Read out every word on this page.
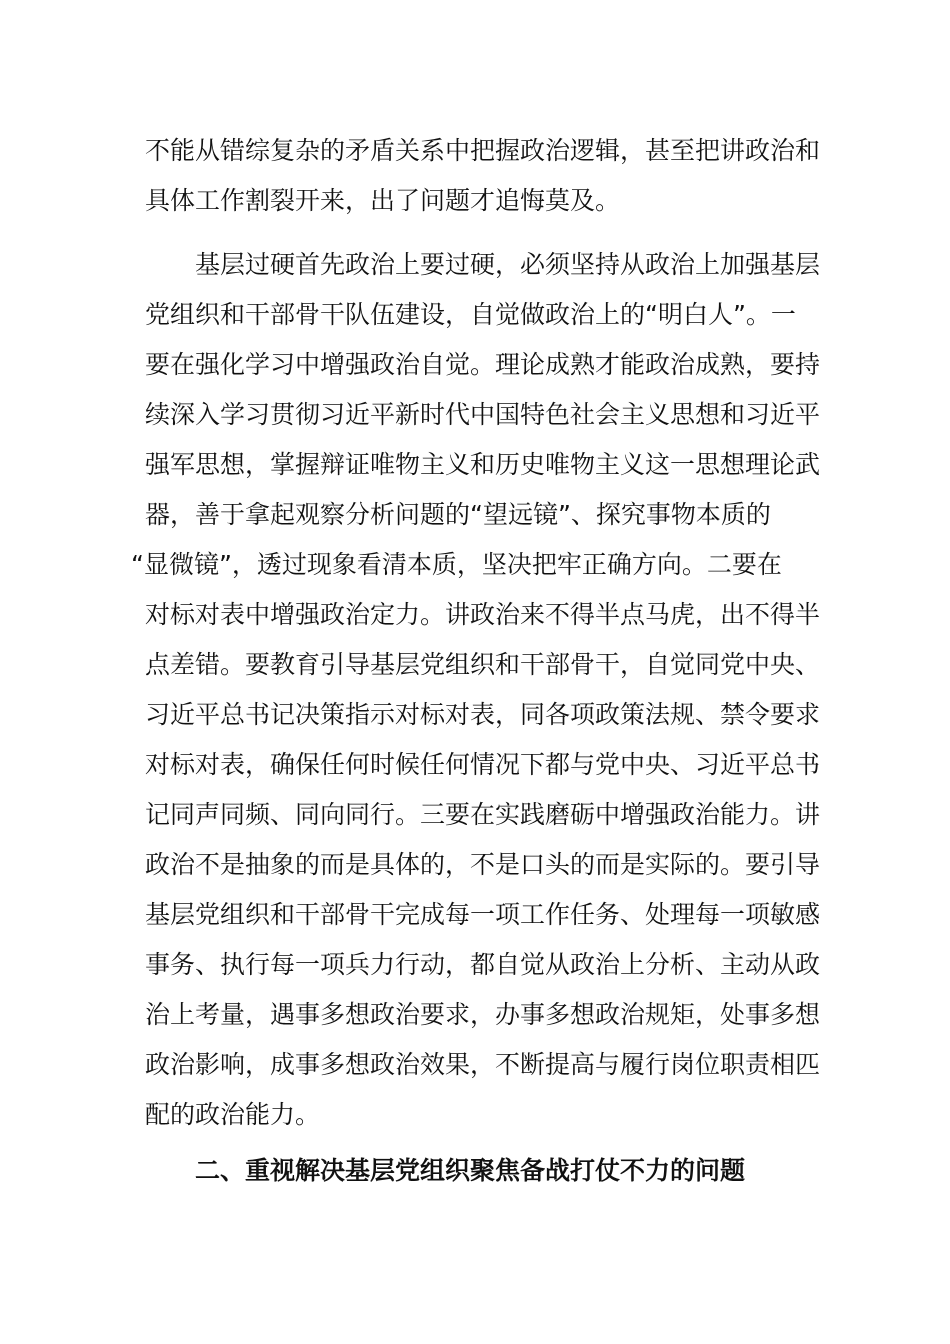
不能从错综复杂的矛盾关系中把握政治逻辑，甚至把讲政治和
具体工作割裂开来，出了问题才追悔莫及。
基层过硬首先政治上要过硬，必须坚持从政治上加强基层
党组织和干部骨干队伍建设，自觉做政治上的“明白人”。一
要在强化学习中增强政治自觉。理论成熟才能政治成熟，要持
续深入学习贯彻习近平新时代中国特色社会主义思想和习近平
强军思想，掌握辩证唯物主义和历史唯物主义这一思想理论武
器，善于拿起观察分析问题的“望远镜”、探究事物本质的
“显微镜”，透过现象看清本质，坚决把牢正确方向。二要在
对标对表中增强政治定力。讲政治来不得半点马虎，出不得半
点差错。要教育引导基层党组织和干部骨干，自觉同党中央、
习近平总书记决策指示对标对表，同各项政策法规、禁令要求
对标对表，确保任何时候任何情况下都与党中央、习近平总书
记同声同频、同向同行。三要在实践磨砺中增强政治能力。讲
政治不是抽象的而是具体的，不是口头的而是实际的。要引导
基层党组织和干部骨干完成每一项工作任务、处理每一项敏感
事务、执行每一项兵力行动，都自觉从政治上分析、主动从政
治上考量，遇事多想政治要求，办事多想政治规矩，处事多想
政治影响，成事多想政治效果，不断提高与履行岗位职责相匹
配的政治能力。
二、重视解决基层党组织聚焦备战打仗不力的问题
